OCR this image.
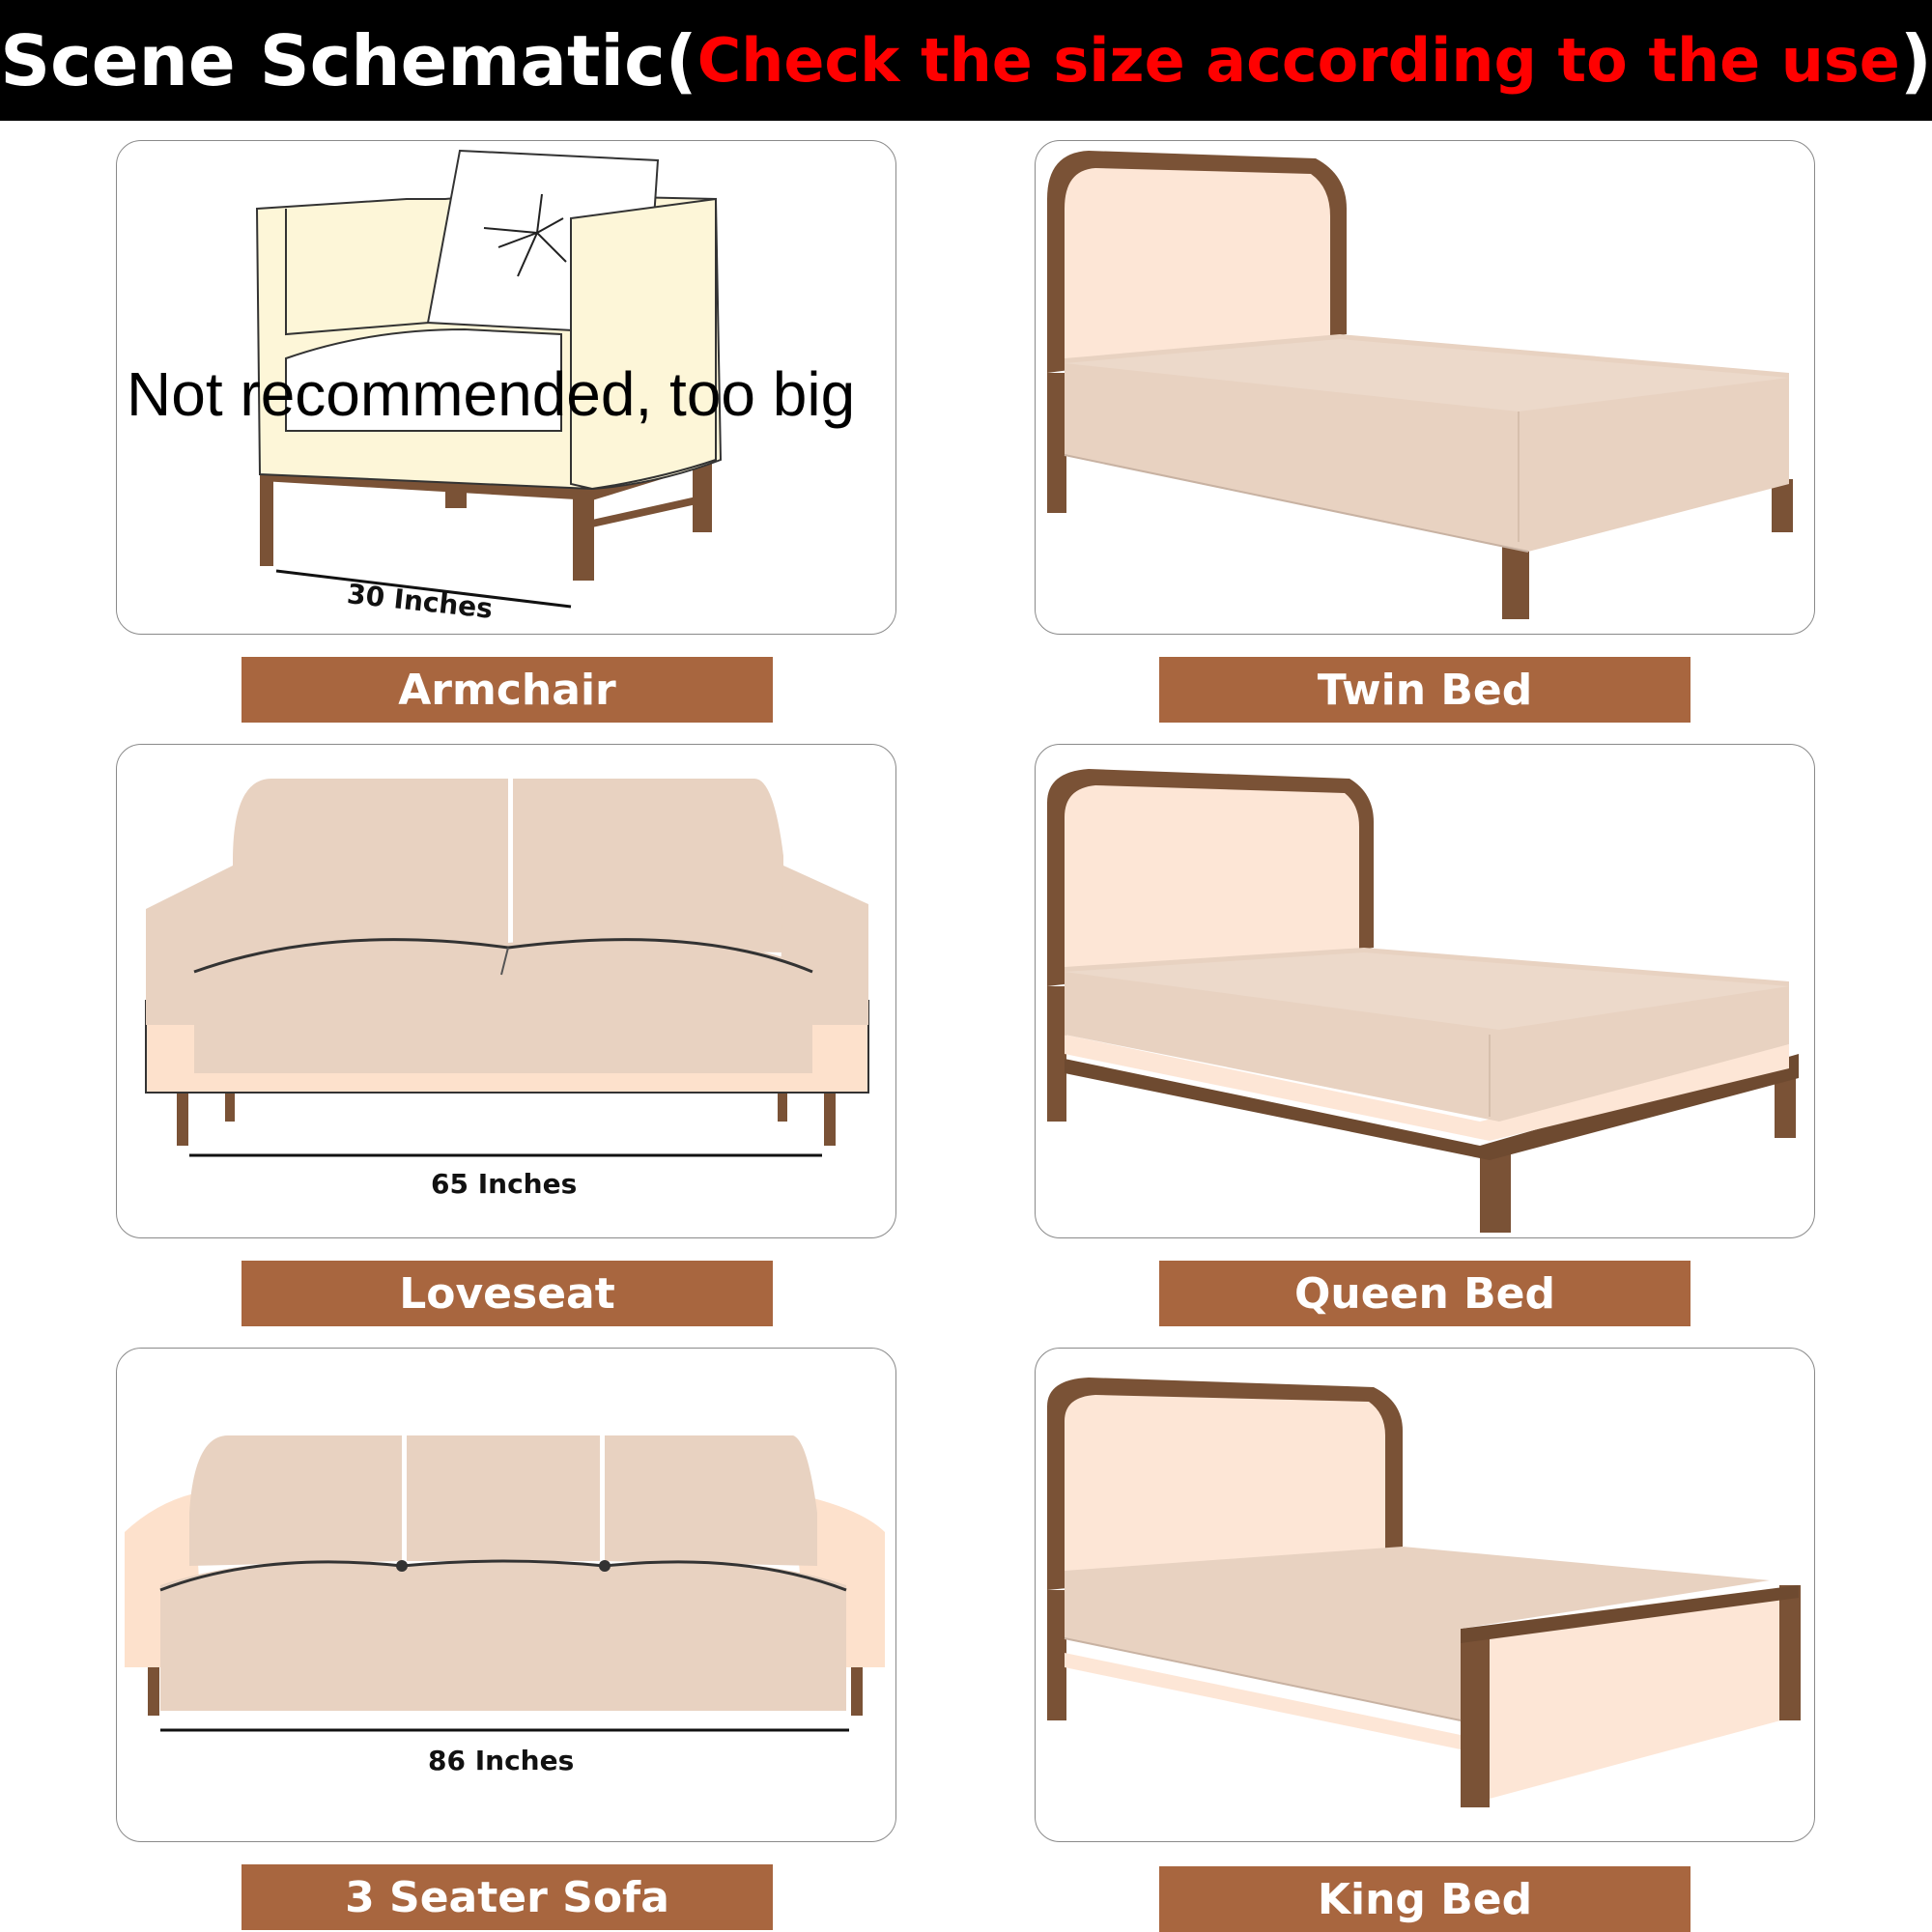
Scene Schematic( Check the size according to the use )
30 Inches
Not recommended, too big
Armchair	Twin Bed
65 Inches
Loveseat	Queen Bed
86 Inches
3 Seater Sofa	King Bed
